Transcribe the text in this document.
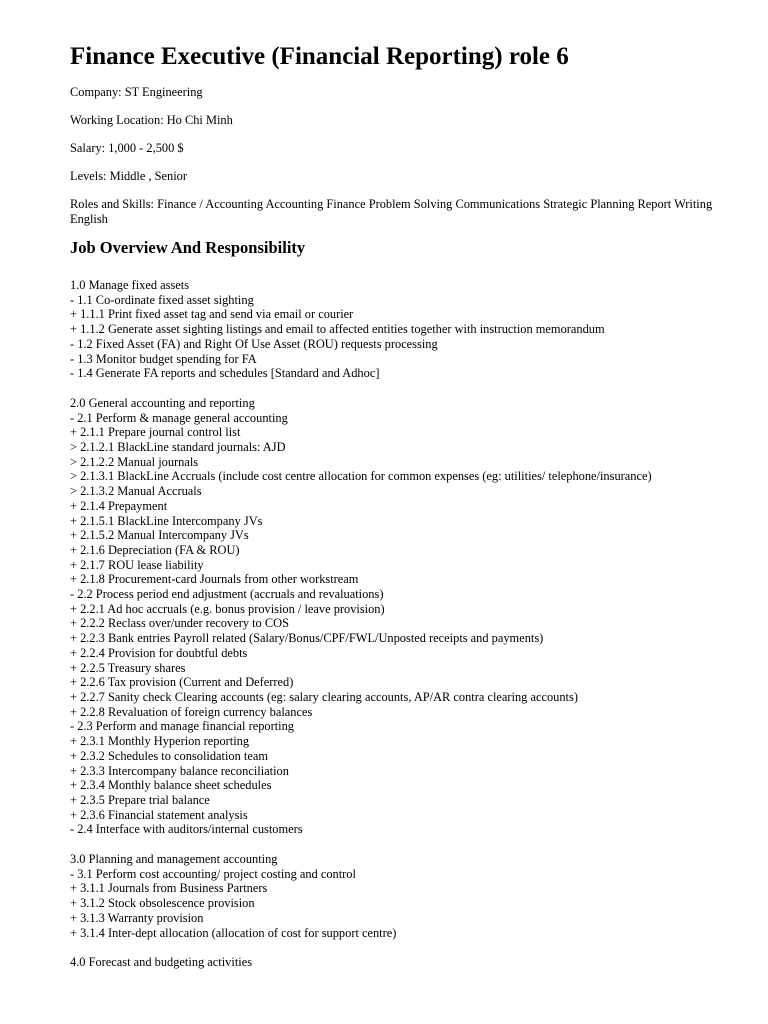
Finance Executive (Financial Reporting) role 6
Company: ST Engineering
Working Location: Ho Chi Minh
Salary: 1,000 - 2,500 $
Levels: Middle , Senior
Roles and Skills: Finance / Accounting Accounting Finance Problem Solving Communications Strategic Planning Report Writing English
Job Overview And Responsibility
1.0 Manage fixed assets
- 1.1 Co-ordinate fixed asset sighting
+ 1.1.1 Print fixed asset tag and send via email or courier
+ 1.1.2 Generate asset sighting listings and email to affected entities together with instruction memorandum
- 1.2 Fixed Asset (FA) and Right Of Use Asset (ROU) requests processing
- 1.3 Monitor budget spending for FA
- 1.4 Generate FA reports and schedules [Standard and Adhoc]
2.0 General accounting and reporting
- 2.1 Perform & manage general accounting
+ 2.1.1 Prepare journal control list
> 2.1.2.1 BlackLine standard journals: AJD
> 2.1.2.2 Manual journals
> 2.1.3.1 BlackLine Accruals (include cost centre allocation for common expenses (eg: utilities/ telephone/insurance)
> 2.1.3.2 Manual Accruals
+ 2.1.4 Prepayment
+ 2.1.5.1 BlackLine Intercompany JVs
+ 2.1.5.2 Manual Intercompany JVs
+ 2.1.6 Depreciation (FA & ROU)
+ 2.1.7 ROU lease liability
+ 2.1.8 Procurement-card Journals from other workstream
- 2.2 Process period end adjustment (accruals and revaluations)
+ 2.2.1 Ad hoc accruals (e.g. bonus provision / leave provision)
+ 2.2.2 Reclass over/under recovery to COS
+ 2.2.3 Bank entries Payroll related (Salary/Bonus/CPF/FWL/Unposted receipts and payments)
+ 2.2.4 Provision for doubtful debts
+ 2.2.5 Treasury shares
+ 2.2.6 Tax provision (Current and Deferred)
+ 2.2.7 Sanity check Clearing accounts (eg: salary clearing accounts, AP/AR contra clearing accounts)
+ 2.2.8 Revaluation of foreign currency balances
- 2.3 Perform and manage financial reporting
+ 2.3.1 Monthly Hyperion reporting
+ 2.3.2 Schedules to consolidation team
+ 2.3.3 Intercompany balance reconciliation
+ 2.3.4 Monthly balance sheet schedules
+ 2.3.5 Prepare trial balance
+ 2.3.6 Financial statement analysis
- 2.4 Interface with auditors/internal customers
3.0 Planning and management accounting
- 3.1 Perform cost accounting/ project costing and control
+ 3.1.1 Journals from Business Partners
+ 3.1.2 Stock obsolescence provision
+ 3.1.3 Warranty provision
+ 3.1.4 Inter-dept allocation (allocation of cost for support centre)
4.0 Forecast and budgeting activities
